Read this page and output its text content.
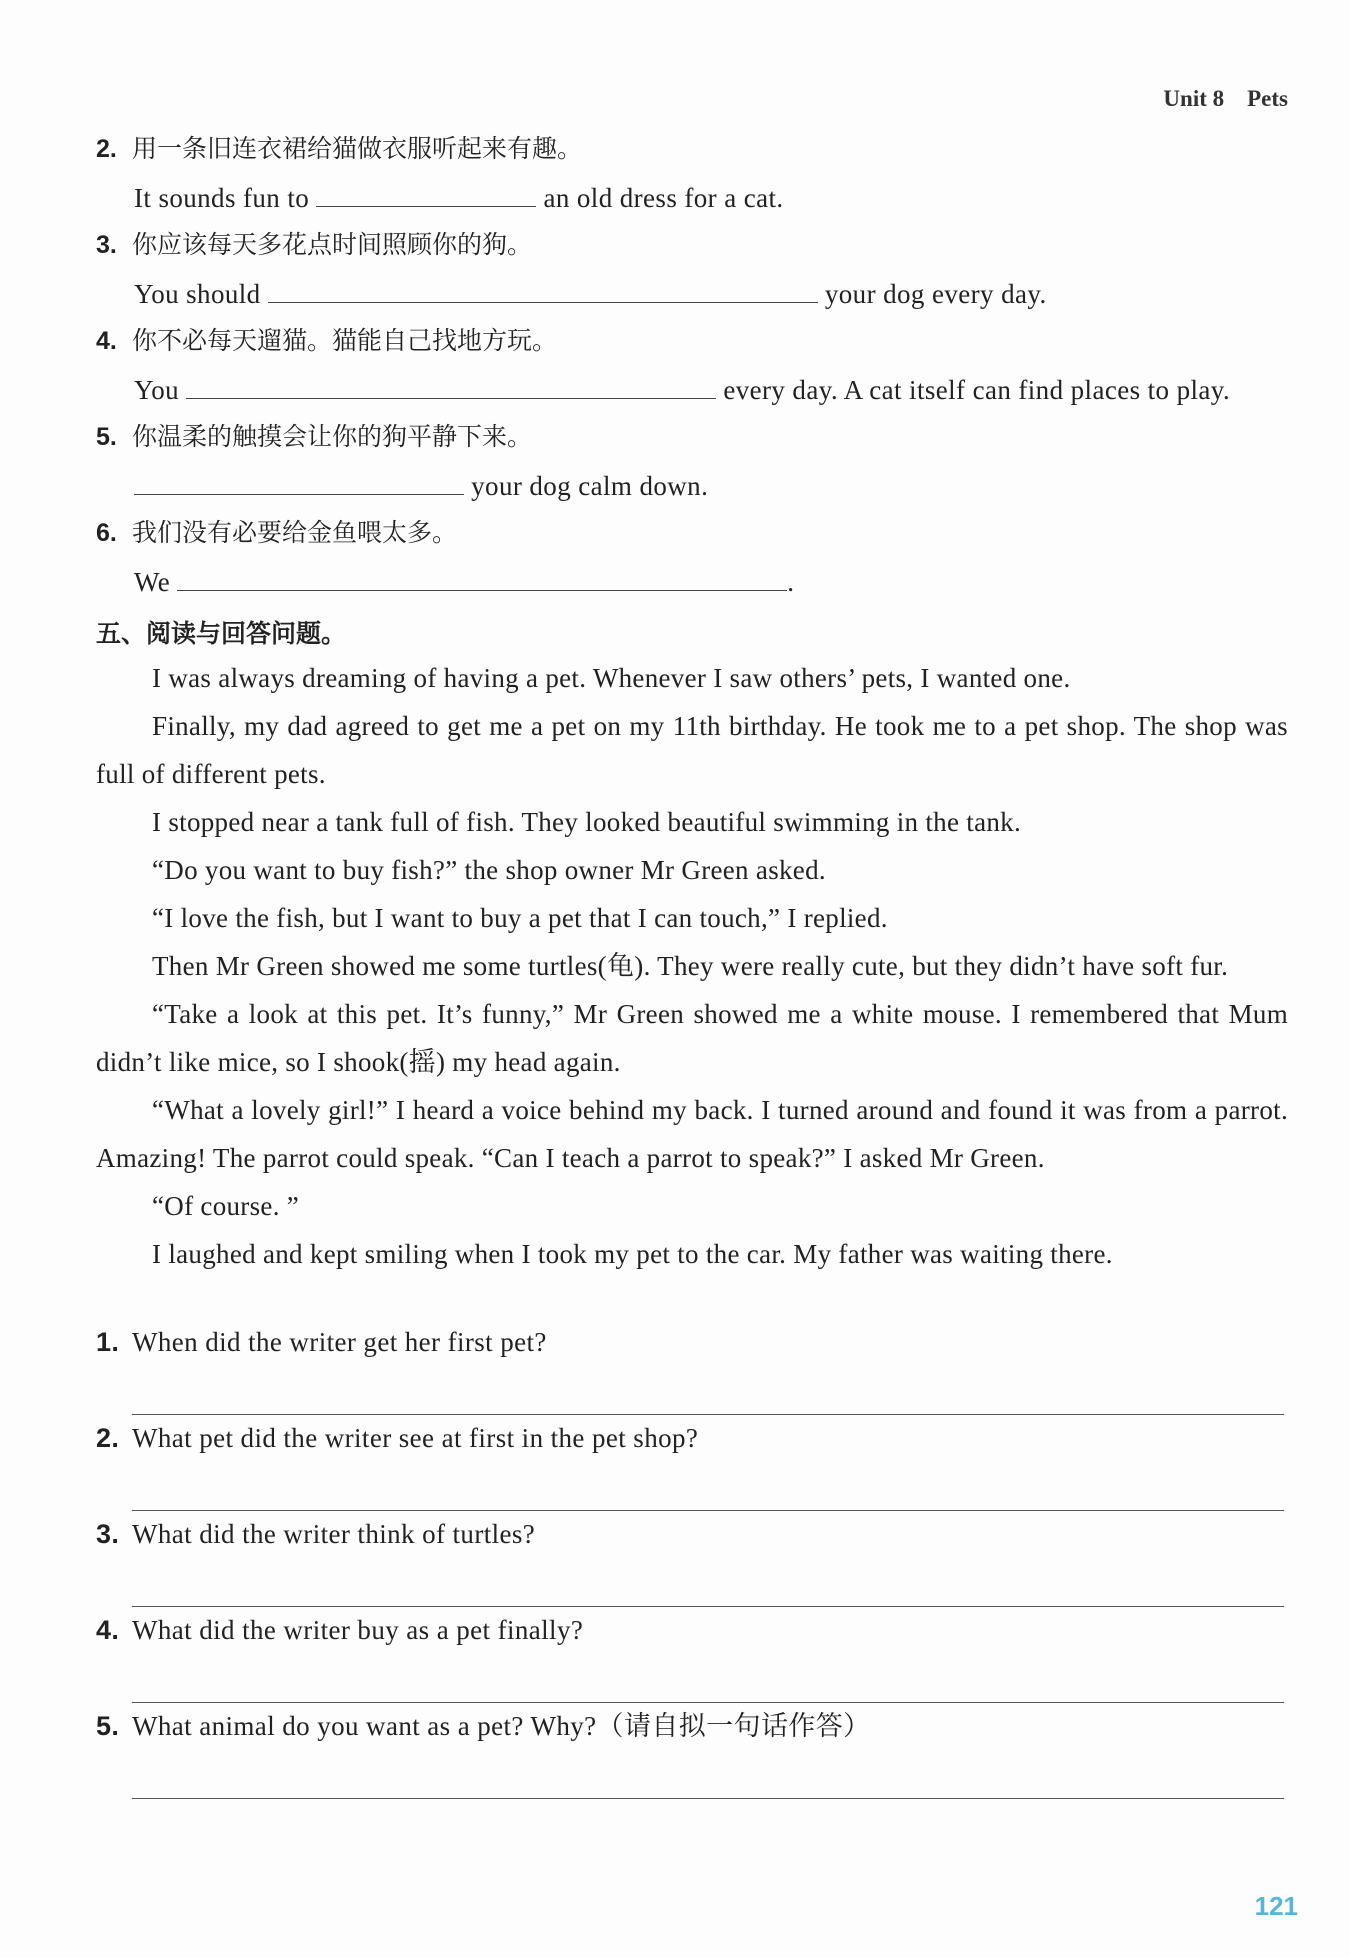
Unit 8 Pets
2. 用一条旧连衣裙给猫做衣服听起来有趣。
It sounds fun to	an old dress for a cat.
3. 你应该每天多花点时间照顾你的狗。
You should	your dog every day.
4. 你不必每天遛猫。猫能自己找地方玩。
You	every day. A cat itself can find places to play.
5. 你温柔的触摸会让你的狗平静下来。
your dog calm down.
6. 我们没有必要给金鱼喂太多。
We	.
五、阅读与回答问题。

I was always dreaming of having a pet. Whenever I saw others’ pets, I wanted one.

Finally, my dad agreed to get me a pet on my 11th birthday. He took me to a pet shop. The shop was full of different pets.

I stopped near a tank full of fish. They looked beautiful swimming in the tank.

“Do you want to buy fish?” the shop owner Mr Green asked.

“I love the fish, but I want to buy a pet that I can touch,” I replied.

Then Mr Green showed me some turtles(龟). They were really cute, but they didn’t have soft fur.

“Take a look at this pet. It’s funny,” Mr Green showed me a white mouse. I remembered that Mum didn’t like mice, so I shook(摇) my head again.

“What a lovely girl!” I heard a voice behind my back. I turned around and found it was from a parrot. Amazing! The parrot could speak. “Can I teach a parrot to speak?” I asked Mr Green.

“Of course. ”

I laughed and kept smiling when I took my pet to the car. My father was waiting there.

1. When did the writer get her first pet?
2. What pet did the writer see at first in the pet shop?
3. What did the writer think of turtles?
4. What did the writer buy as a pet finally?
5. What animal do you want as a pet? Why?（请自拟一句话作答）
121
